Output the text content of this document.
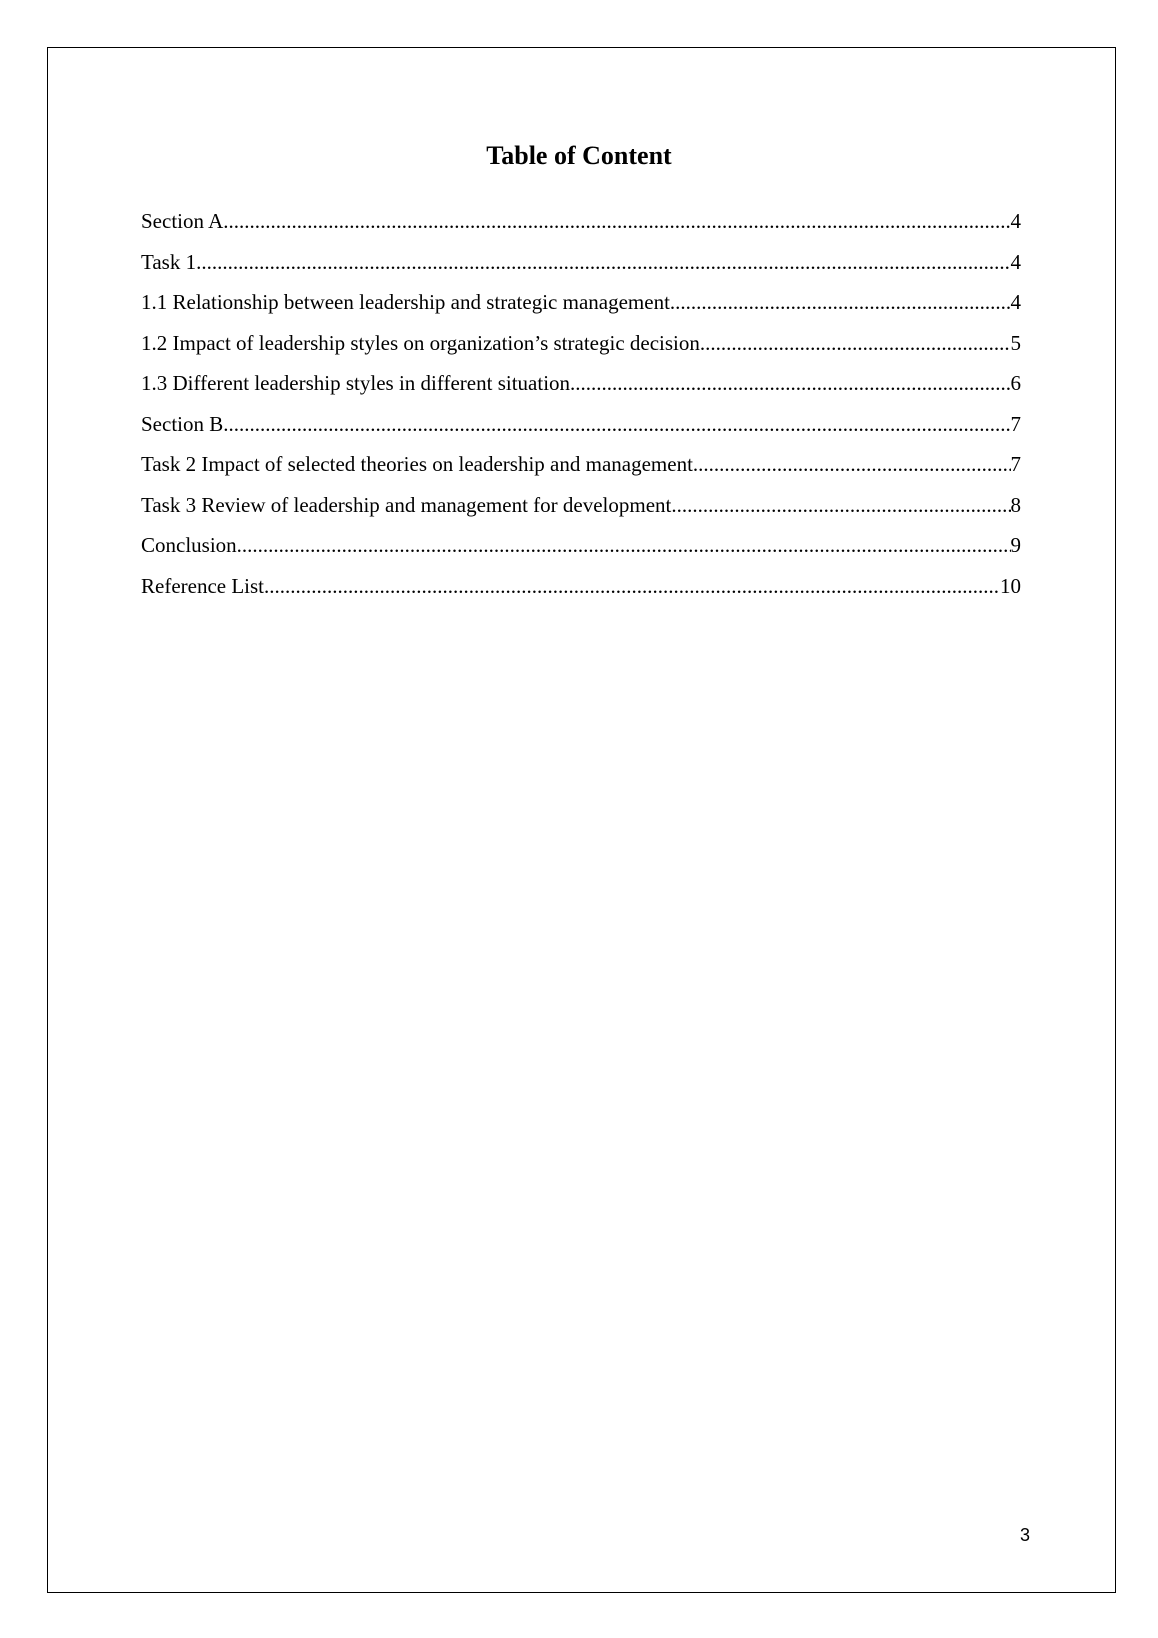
Table of Content
Section A .....	4
Task 1 .....	4
1.1 Relationship between leadership and strategic management .....	4
1.2 Impact of leadership styles on organization’s strategic decision .....	5
1.3 Different leadership styles in different situation .....	6
Section B .....	7
Task 2 Impact of selected theories on leadership and management .....	7
Task 3 Review of leadership and management for development .....	8
Conclusion .....	9
Reference List .....	10
3
